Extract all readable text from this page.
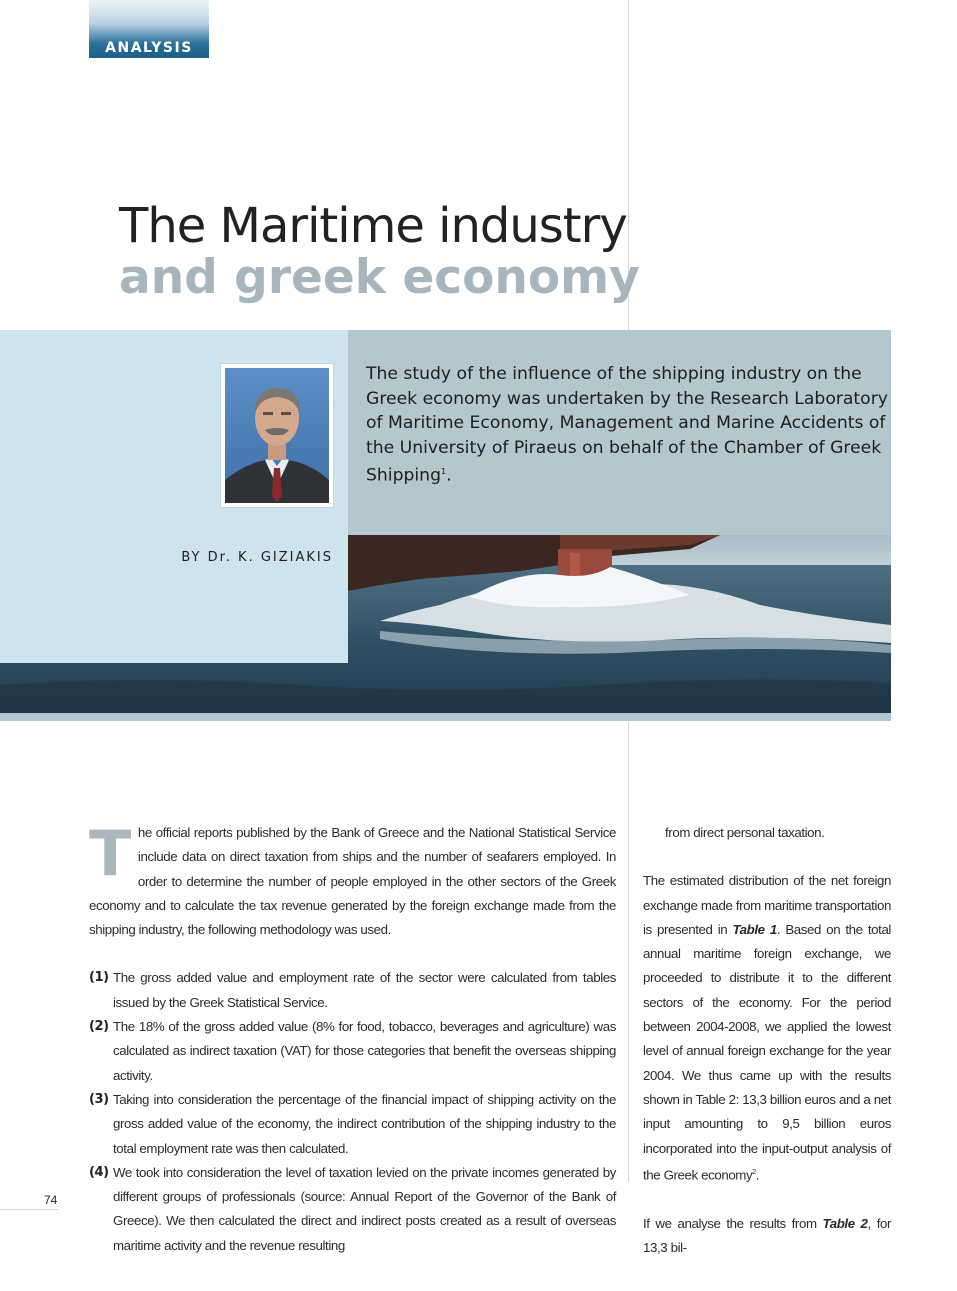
ANALYSIS
The Maritime industry
and greek economy
The study of the influence of the shipping industry on the Greek economy was undertaken by the Research Laboratory of Maritime Economy, Management and Marine Accidents of the University of Piraeus on behalf of the Chamber of Greek Shipping$^1$.
BY Dr. K. GIZIAKIS

The official reports published by the Bank of Greece and the National Statistical Service include data on direct taxation from ships and the number of seafarers employed. In order to determine the number of people employed in the other sectors of the Greek economy and to calculate the tax revenue generated by the foreign exchange made from the shipping industry, the following methodology was used.

(1) The gross added value and employment rate of the sector were calculated from tables issued by the Greek Statistical Service.
(2) The 18% of the gross added value (8% for food, tobacco, beverages and agriculture) was calculated as indirect taxation (VAT) for those categories that benefit the overseas shipping activity.
(3) Taking into consideration the percentage of the financial impact of shipping activity on the gross added value of the economy, the indirect contribution of the shipping industry to the total employment rate was then calculated.
(4) We took into consideration the level of taxation levied on the private incomes generated by different groups of professionals (source: Annual Report of the Governor of the Bank of Greece). We then calculated the direct and indirect posts created as a result of overseas maritime activity and the revenue resulting

from direct personal taxation.

The estimated distribution of the net foreign exchange made from maritime transportation is presented in Table 1. Based on the total annual maritime foreign exchange, we proceeded to distribute it to the different sectors of the economy. For the period between 2004-2008, we applied the lowest level of annual foreign exchange for the year 2004. We thus came up with the results shown in Table 2: 13,3 billion euros and a net input amounting to 9,5 billion euros incorporated into the input-output analysis of the Greek economy$^2$.

If we analyse the results from Table 2, for 13,3 bil-

74
